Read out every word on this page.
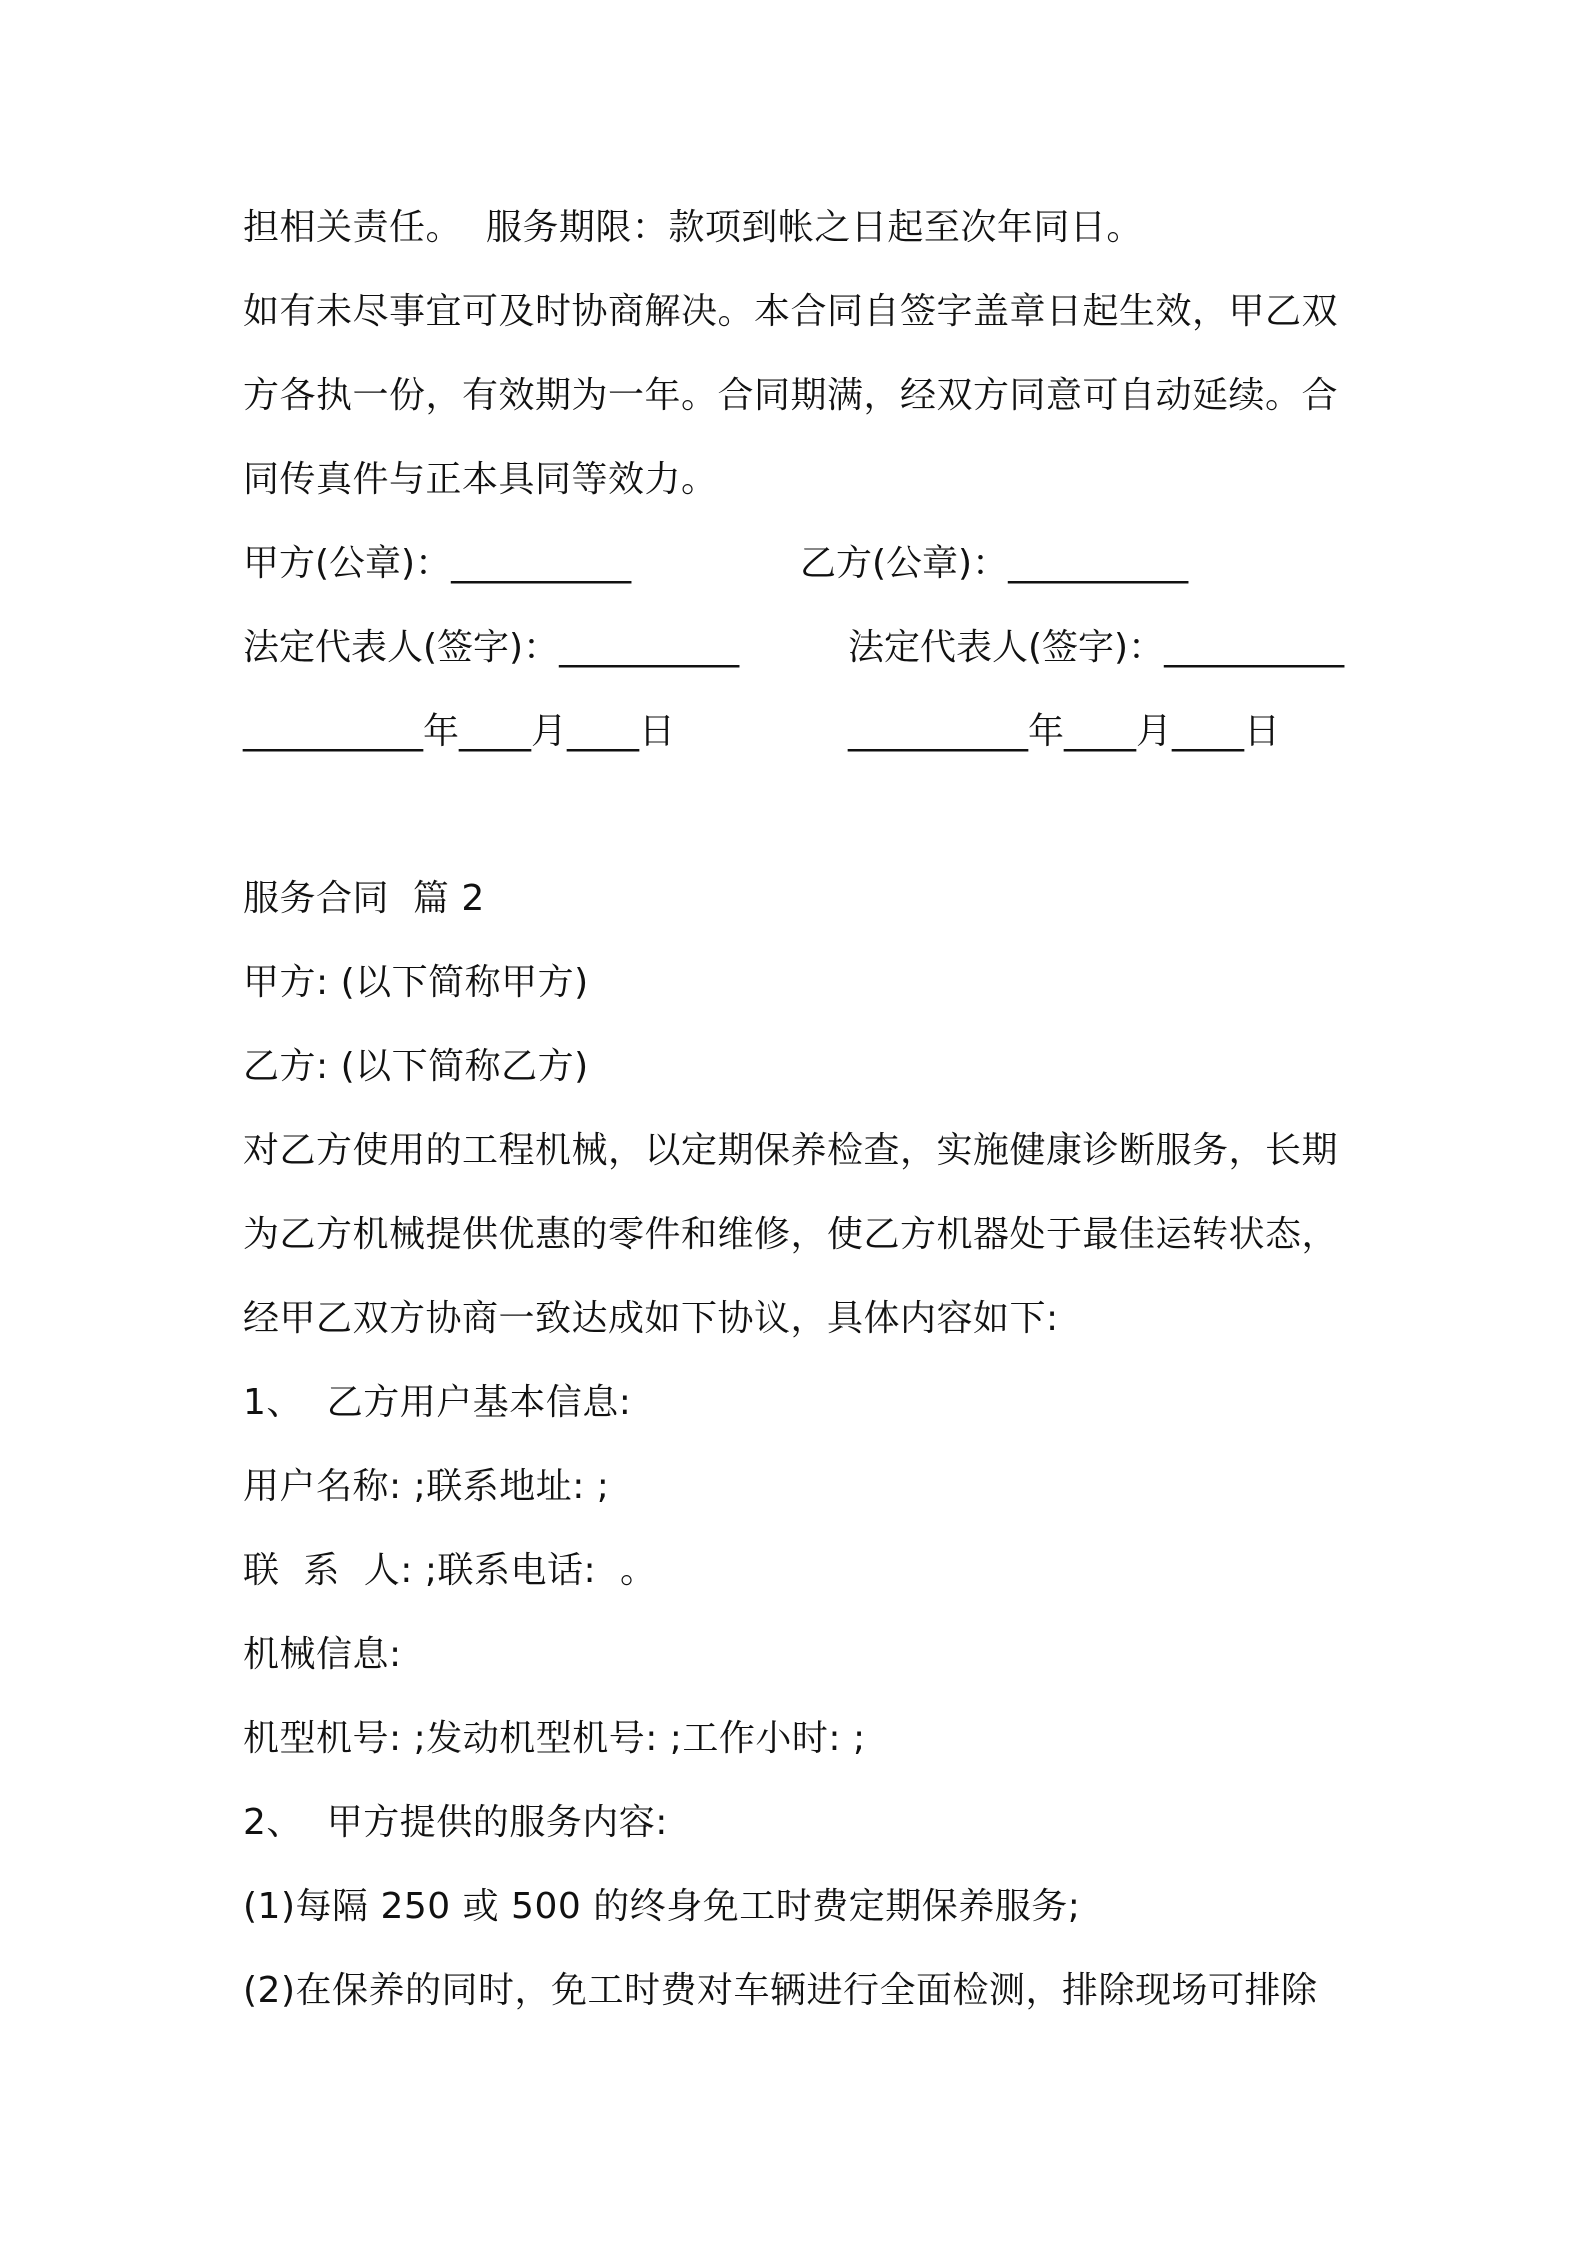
担相关责任。  服务期限：款项到帐之日起至次年同日。
如有未尽事宜可及时协商解决。本合同自签字盖章日起生效，甲乙双
方各执一份，有效期为一年。合同期满，经双方同意可自动延续。合
同传真件与正本具同等效力。
甲方(公章)：__________	乙方(公章)：__________
法定代表人(签字)：__________	法定代表人(签字)：__________
__________年____月____日	__________年____月____日
服务合同  篇 2
甲方: (以下简称甲方)
乙方: (以下简称乙方)
对乙方使用的工程机械，以定期保养检查，实施健康诊断服务，长期
为乙方机械提供优惠的零件和维修，使乙方机器处于最佳运转状态，
经甲乙双方协商一致达成如下协议，具体内容如下:
1、  乙方用户基本信息:
用户名称: ;联系地址: ;
联  系  人: ;联系电话:  。
机械信息:
机型机号: ;发动机型机号: ;工作小时: ;
2、  甲方提供的服务内容:
(1)每隔 250 或 500 的终身免工时费定期保养服务;
(2)在保养的同时，免工时费对车辆进行全面检测，排除现场可排除
